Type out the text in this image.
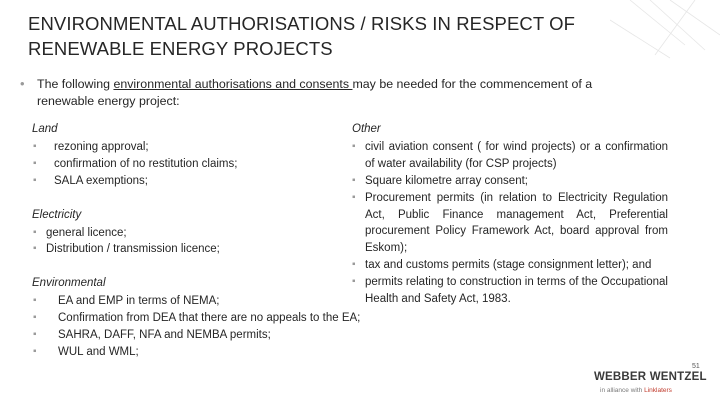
ENVIRONMENTAL AUTHORISATIONS / RISKS IN RESPECT OF
RENEWABLE ENERGY PROJECTS
• The following environmental authorisations and consents may be needed for the commencement of a renewable energy project:
Land
▪ rezoning approval;
▪ confirmation of no restitution claims;
▪ SALA exemptions;
Electricity
▪ general licence;
▪ Distribution / transmission licence;
Environmental
▪ EA and EMP in terms of NEMA;
▪ Confirmation from DEA that there are no appeals to the EA;
▪ SAHRA, DAFF, NFA and NEMBA permits;
▪ WUL and WML;
Other
▪ civil aviation consent ( for wind projects) or a confirmation of water availability (for CSP projects)
▪ Square kilometre array consent;
▪ Procurement permits (in relation to Electricity Regulation Act, Public Finance management Act, Preferential procurement Policy Framework Act, board approval from Eskom);
▪ tax and customs permits (stage consignment letter); and
▪ permits relating to construction in terms of the Occupational Health and Safety Act, 1983.
51
WEBBER WENTZEL
in alliance with Linklaters
